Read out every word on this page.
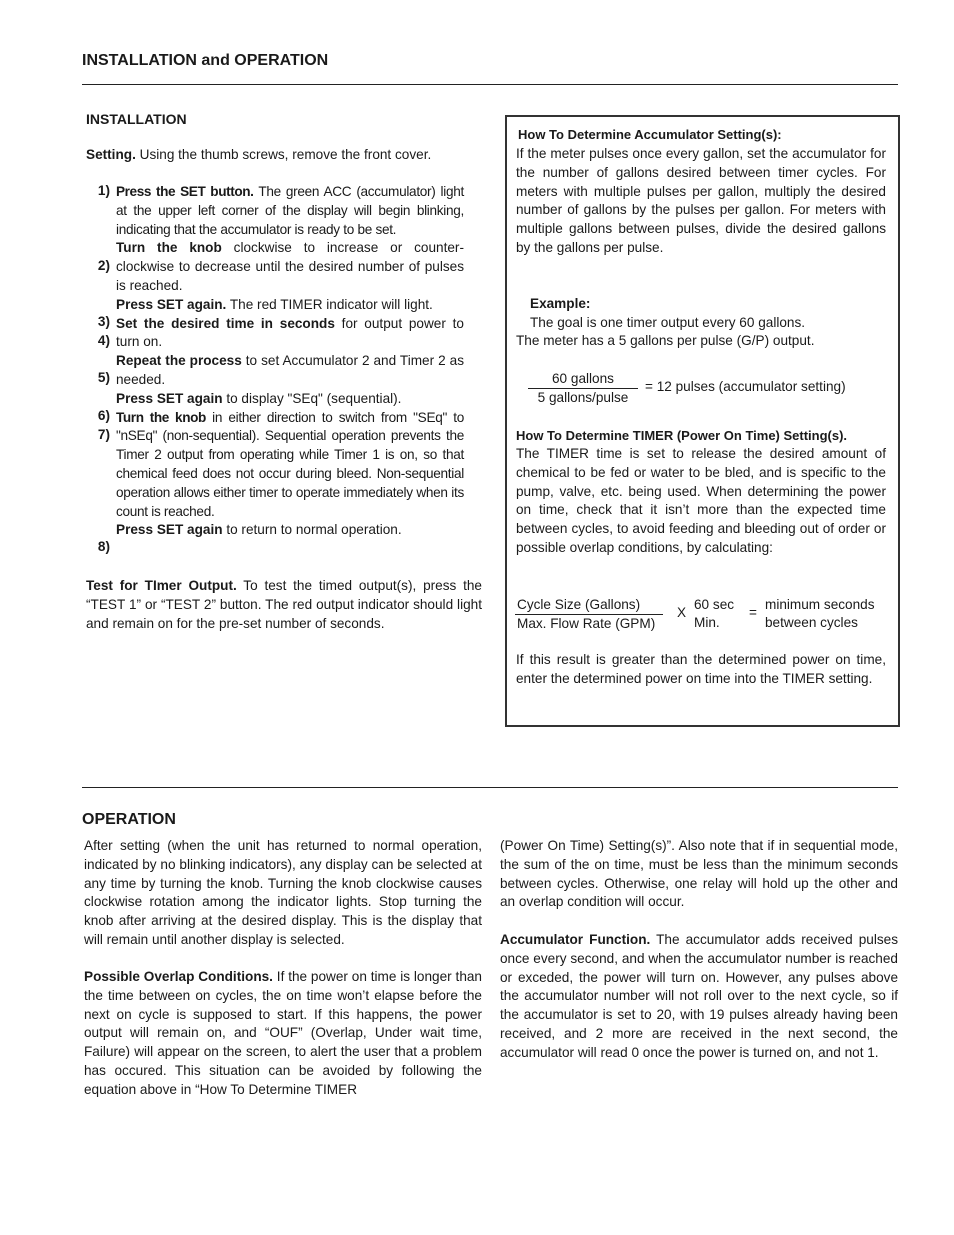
INSTALLATION and OPERATION
INSTALLATION
Setting. Using the thumb screws, remove the front cover.
1)
2)
3)
4)
5)
6)
7)
8)
Press the SET button. The green ACC (accumulator) light at the upper left corner of the display will begin blinking, indicating that the accumulator is ready to be set.
Turn the knob clockwise to increase or counter-clockwise to decrease until the desired number of pulses is reached.
Press SET again. The red TIMER indicator will light.
Set the desired time in seconds for output power to turn on.
Repeat the process to set Accumulator 2 and Timer 2 as needed.
Press SET again to display "SEq" (sequential).
Turn the knob in either direction to switch from "SEq" to "nSEq" (non-sequential). Sequential operation prevents the Timer 2 output from operating while Timer 1 is on, so that chemical feed does not occur during bleed. Non-sequential operation allows either timer to operate immediately when its count is reached.
Press SET again to return to normal operation.
Test for TImer Output. To test the timed output(s), press the “TEST 1” or “TEST 2” button. The red output indicator should light and remain on for the pre-set number of seconds.
How To Determine Accumulator Setting(s):
If the meter pulses once every gallon, set the accumulator for the number of gallons desired between timer cycles. For meters with multiple pulses per gallon, multiply the desired number of gallons by the pulses per gallon. For meters with multiple gallons between pulses, divide the desired gallons by the gallons per pulse.
Example:
The goal is one timer output every 60 gallons.
The meter has a 5 gallons per pulse (G/P) output.
60 gallons
5 gallons/pulse
= 12 pulses (accumulator setting)
How To Determine TIMER (Power On Time) Setting(s).
The TIMER time is set to release the desired amount of chemical to be fed or water to be bled, and is specific to the pump, valve, etc. being used. When determining the power on time, check that it isn’t more than the expected time between cycles, to avoid feeding and bleeding out of order or possible overlap conditions, by calculating:
Cycle Size (Gallons)
Max. Flow Rate (GPM)
X
60 sec
Min.
=
minimum seconds
between cycles
If this result is greater than the determined power on time, enter the determined power on time into the TIMER setting.
OPERATION
After setting (when the unit has returned to normal operation, indicated by no blinking indicators), any display can be selected at any time by turning the knob. Turning the knob clockwise causes clockwise rotation among the indicator lights. Stop turning the knob after arriving at the desired display. This is the display that will remain until another display is selected.
Possible Overlap Conditions. If the power on time is longer than the time between on cycles, the on time won’t elapse before the next on cycle is supposed to start. If this happens, the power output will remain on, and “OUF” (Overlap, Under wait time, Failure) will appear on the screen, to alert the user that a problem has occured. This situation can be avoided by following the equation above in “How To Determine TIMER
(Power On Time) Setting(s)”. Also note that if in sequential mode, the sum of the on time, must be less than the minimum seconds between cycles. Otherwise, one relay will hold up the other and an overlap condition will occur.
Accumulator Function. The accumulator adds received pulses once every second, and when the accumulator number is reached or exceded, the power will turn on. However, any pulses above the accumulator number will not roll over to the next cycle, so if the accumulator is set to 20, with 19 pulses already having been received, and 2 more are received in the next second, the accumulator will read 0 once the power is turned on, and not 1.
